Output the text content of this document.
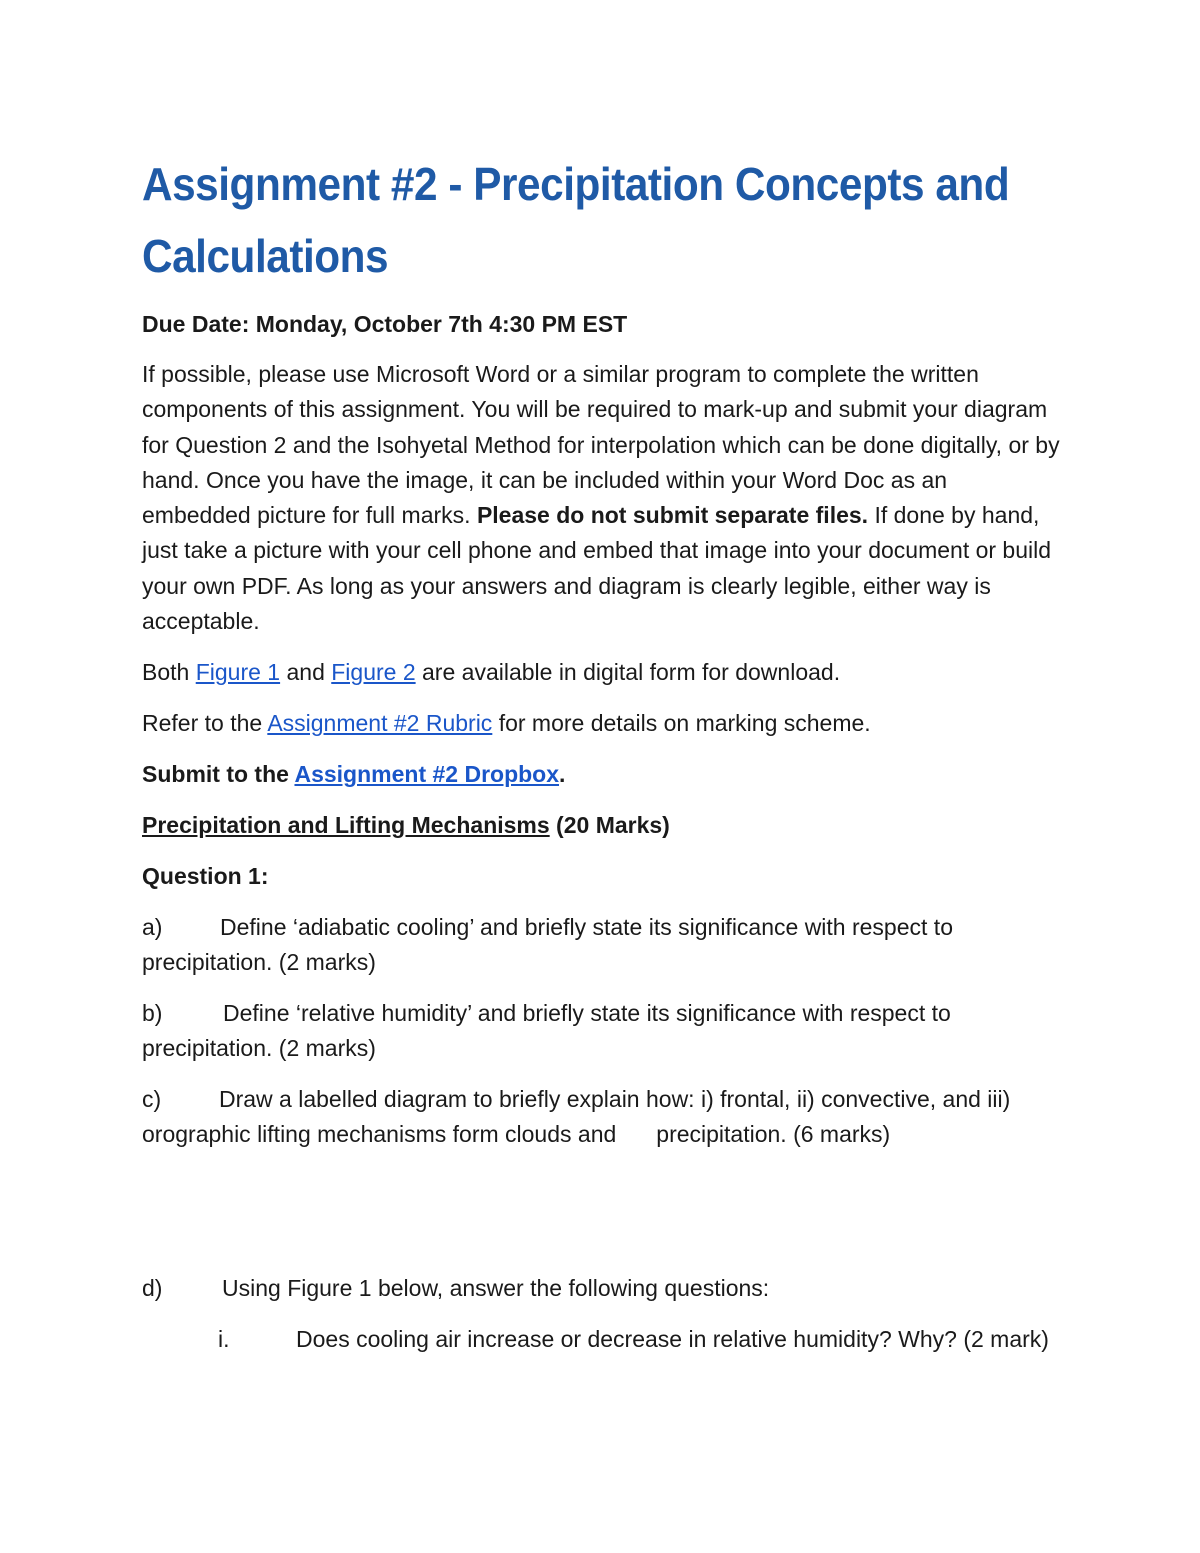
Assignment #2 - Precipitation Concepts and Calculations

Due Date: Monday, October 7th 4:30 PM EST

If possible, please use Microsoft Word or a similar program to complete the written components of this assignment. You will be required to mark-up and submit your diagram for Question 2 and the Isohyetal Method for interpolation which can be done digitally, or by hand. Once you have the image, it can be included within your Word Doc as an embedded picture for full marks. Please do not submit separate files. If done by hand, just take a picture with your cell phone and embed that image into your document or build your own PDF. As long as your answers and diagram is clearly legible, either way is acceptable.

Both Figure 1 and Figure 2 are available in digital form for download.

Refer to the Assignment #2 Rubric for more details on marking scheme.

Submit to the Assignment #2 Dropbox.

Precipitation and Lifting Mechanisms (20 Marks)

Question 1:

a)	Define ‘adiabatic cooling’ and briefly state its significance with respect to precipitation. (2 marks)

b)	Define ‘relative humidity’ and briefly state its significance with respect to precipitation. (2 marks)

c)	Draw a labelled diagram to briefly explain how: i) frontal, ii) convective, and iii) orographic lifting mechanisms form clouds and precipitation. (6 marks)

d)	Using Figure 1 below, answer the following questions:

i.	Does cooling air increase or decrease in relative humidity? Why? (2 mark)
